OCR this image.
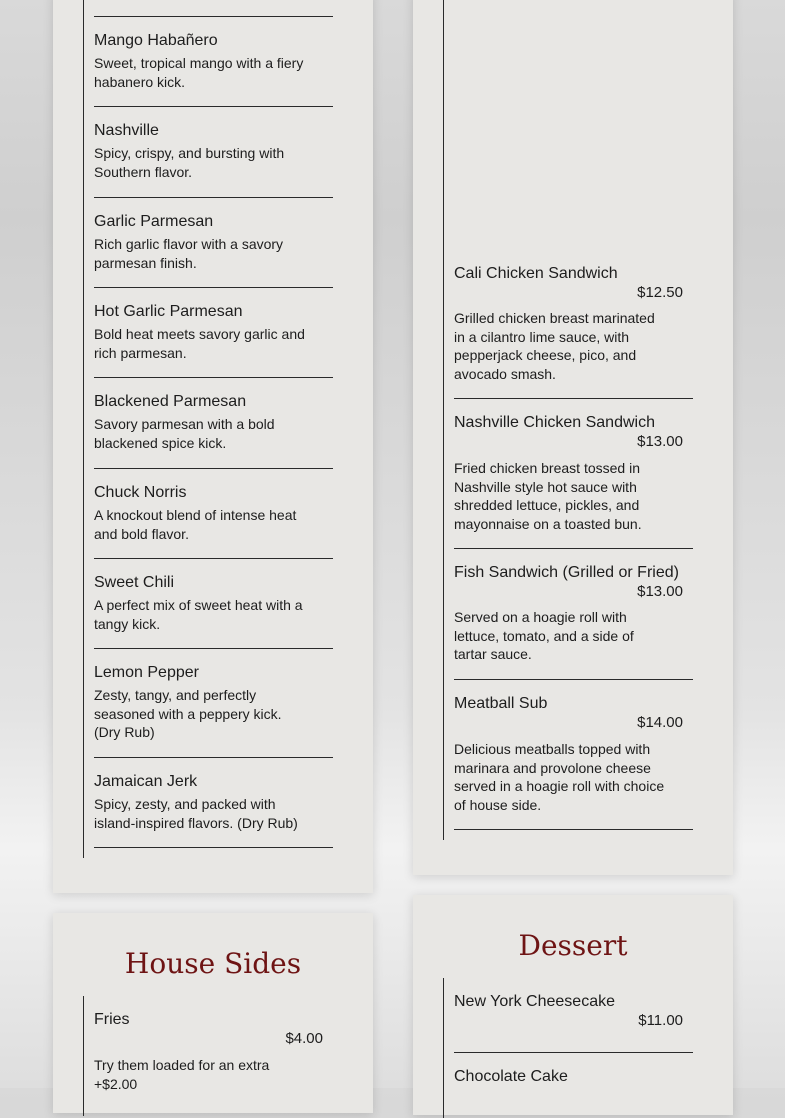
Mango Habañero
Sweet, tropical mango with a fiery habanero kick.
Nashville
Spicy, crispy, and bursting with Southern flavor.
Garlic Parmesan
Rich garlic flavor with a savory parmesan finish.
Hot Garlic Parmesan
Bold heat meets savory garlic and rich parmesan.
Blackened Parmesan
Savory parmesan with a bold blackened spice kick.
Chuck Norris
A knockout blend of intense heat and bold flavor.
Sweet Chili
A perfect mix of sweet heat with a tangy kick.
Lemon Pepper
Zesty, tangy, and perfectly seasoned with a peppery kick. (Dry Rub)
Jamaican Jerk
Spicy, zesty, and packed with island-inspired flavors. (Dry Rub)
Cali Chicken Sandwich
$12.50
Grilled chicken breast marinated in a cilantro lime sauce, with pepperjack cheese, pico, and avocado smash.
Nashville Chicken Sandwich
$13.00
Fried chicken breast tossed in Nashville style hot sauce with shredded lettuce, pickles, and mayonnaise on a toasted bun.
Fish Sandwich (Grilled or Fried)
$13.00
Served on a hoagie roll with lettuce, tomato, and a side of tartar sauce.
Meatball Sub
$14.00
Delicious meatballs topped with marinara and provolone cheese served in a hoagie roll with choice of house side.
House Sides
Fries
$4.00
Try them loaded for an extra +$2.00
Dessert
New York Cheesecake
$11.00
Chocolate Cake
